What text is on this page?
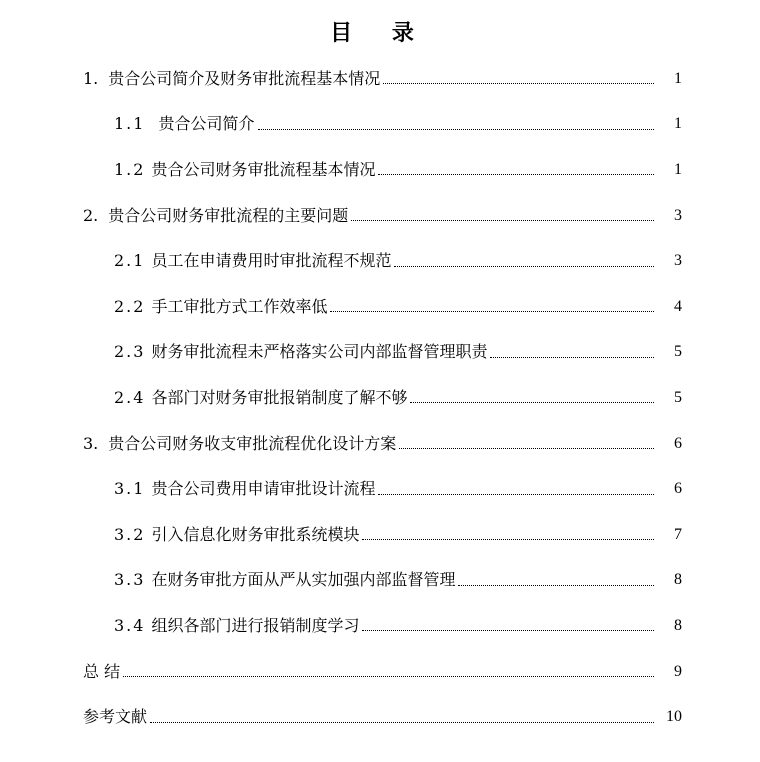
目 录
1. 贵合公司简介及财务审批流程基本情况	1
1.1 贵合公司简介	1
1.2 贵合公司财务审批流程基本情况	1
2. 贵合公司财务审批流程的主要问题	3
2.1 员工在申请费用时审批流程不规范	3
2.2 手工审批方式工作效率低	4
2.3 财务审批流程未严格落实公司内部监督管理职责	5
2.4 各部门对财务审批报销制度了解不够	5
3. 贵合公司财务收支审批流程优化设计方案	6
3.1 贵合公司费用申请审批设计流程	6
3.2 引入信息化财务审批系统模块	7
3.3 在财务审批方面从严从实加强内部监督管理	8
3.4 组织各部门进行报销制度学习	8
总 结	9
参考文献	10
